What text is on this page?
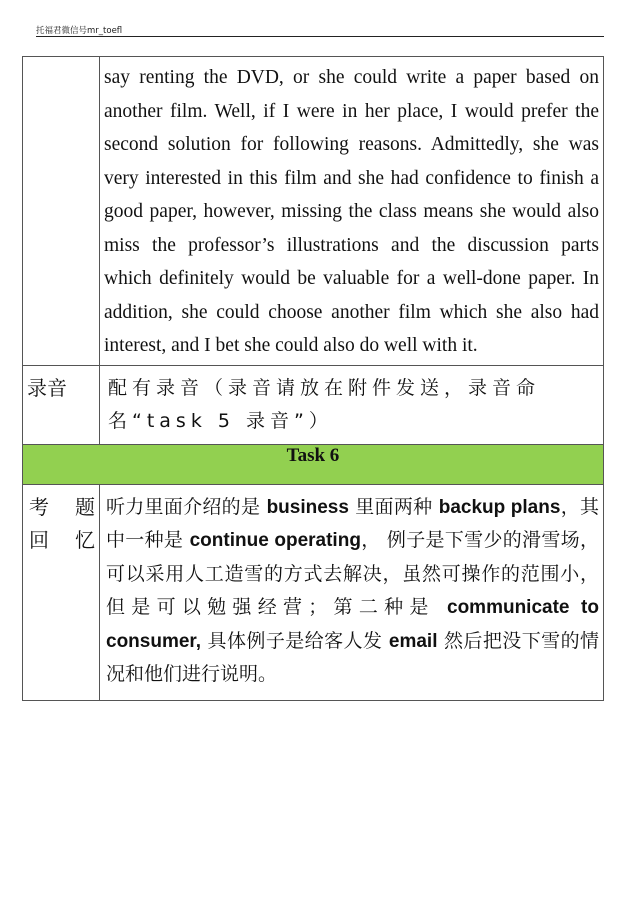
托福君微信号mr_toefl

	say renting the DVD, or she could write a paper based on another film. Well, if I were in her place, I would prefer the second solution for following reasons. Admittedly, she was very interested in this film and she had confidence to finish a good paper, however, missing the class means she would also miss the professor’s illustrations and the discussion parts which definitely would be valuable for a well-done paper. In addition, she could choose another film which she also had interest, and I bet she could also do well with it.

录音	配有录音（录音请放在附件发送，录音命名“task 5 录音”）

Task 6	

考 题 回忆	听力里面介绍的是 business 里面两种 backup plans，其中一种是 continue operating， 例子是下雪少的滑雪场，可以采用人工造雪的方式去解决，虽然可操作的范围小，但是可以勉强经营；第二种是 communicate to consumer, 具体例子是给客人发 email 然后把没下雪的情况和他们进行说明。
